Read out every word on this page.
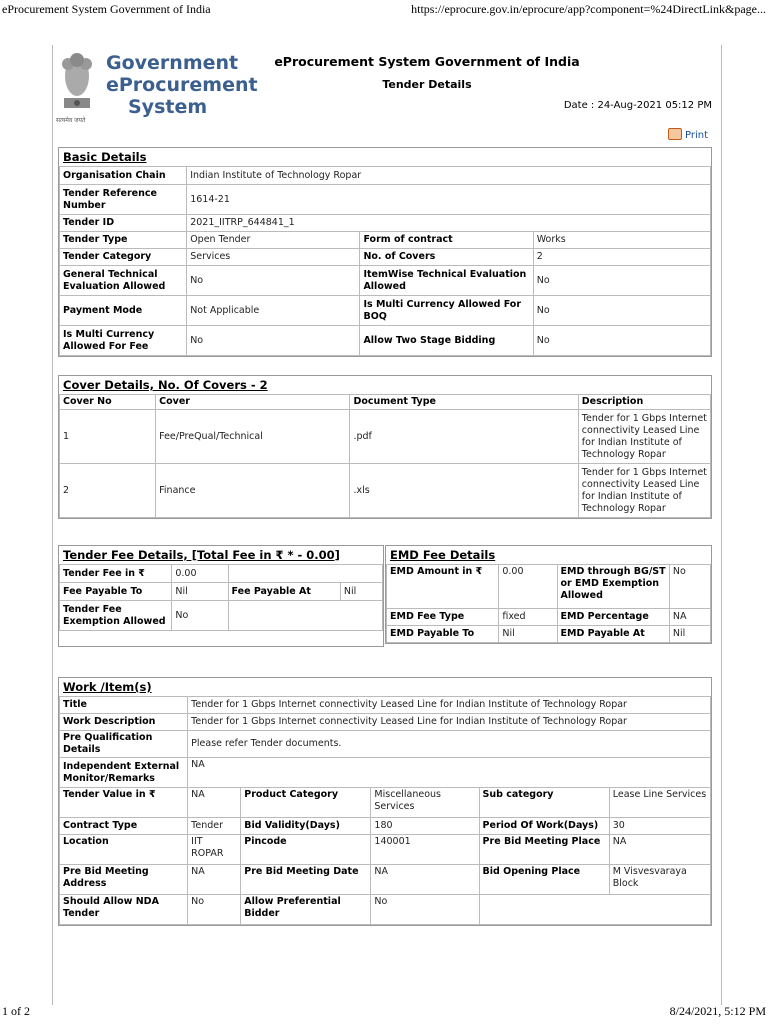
eProcurement System Government of India	https://eprocure.gov.in/eprocure/app?component=%24DirectLink&page...
सत्यमेव जयते
Government
eProcurement
System
eProcurement System Government of India
Tender Details
Date : 24-Aug-2021 05:12 PM
Print
Basic Details
Organisation Chain	Indian Institute of Technology Ropar		
Tender Reference Number	1614-21		
Tender ID	2021_IITRP_644841_1		
Tender Type	Open Tender	Form of contract	Works
Tender Category	Services	No. of Covers	2
General Technical Evaluation Allowed	No	ItemWise Technical Evaluation Allowed	No
Payment Mode	Not Applicable	Is Multi Currency Allowed For BOQ	No
Is Multi Currency Allowed For Fee	No	Allow Two Stage Bidding	No
Cover Details, No. Of Covers - 2
Cover No	Cover	Document Type	Description
1	Fee/PreQual/Technical	.pdf	Tender for 1 Gbps Internet connectivity Leased Line for Indian Institute of Technology Ropar
2	Finance	.xls	Tender for 1 Gbps Internet connectivity Leased Line for Indian Institute of Technology Ropar
Tender Fee Details, [Total Fee in ₹ * - 0.00]
Tender Fee in ₹	0.00		
Fee Payable To	Nil	Fee Payable At	Nil
Tender Fee Exemption Allowed	No		
EMD Fee Details
EMD Amount in ₹	0.00	EMD through BG/ST or EMD Exemption Allowed	No
EMD Fee Type	fixed	EMD Percentage	NA
EMD Payable To	Nil	EMD Payable At	Nil
Work /Item(s)
Title	Tender for 1 Gbps Internet connectivity Leased Line for Indian Institute of Technology Ropar				
Work Description	Tender for 1 Gbps Internet connectivity Leased Line for Indian Institute of Technology Ropar				
Pre Qualification Details	Please refer Tender documents.				
Independent External Monitor/Remarks	NA				
Tender Value in ₹	NA	Product Category	Miscellaneous Services	Sub category	Lease Line Services
Contract Type	Tender	Bid Validity(Days)	180	Period Of Work(Days)	30
Location	IIT ROPAR	Pincode	140001	Pre Bid Meeting Place	NA
Pre Bid Meeting Address	NA	Pre Bid Meeting Date	NA	Bid Opening Place	M Visvesvaraya Block
Should Allow NDA Tender	No	Allow Preferential Bidder	No		
1 of 2	8/24/2021, 5:12 PM
